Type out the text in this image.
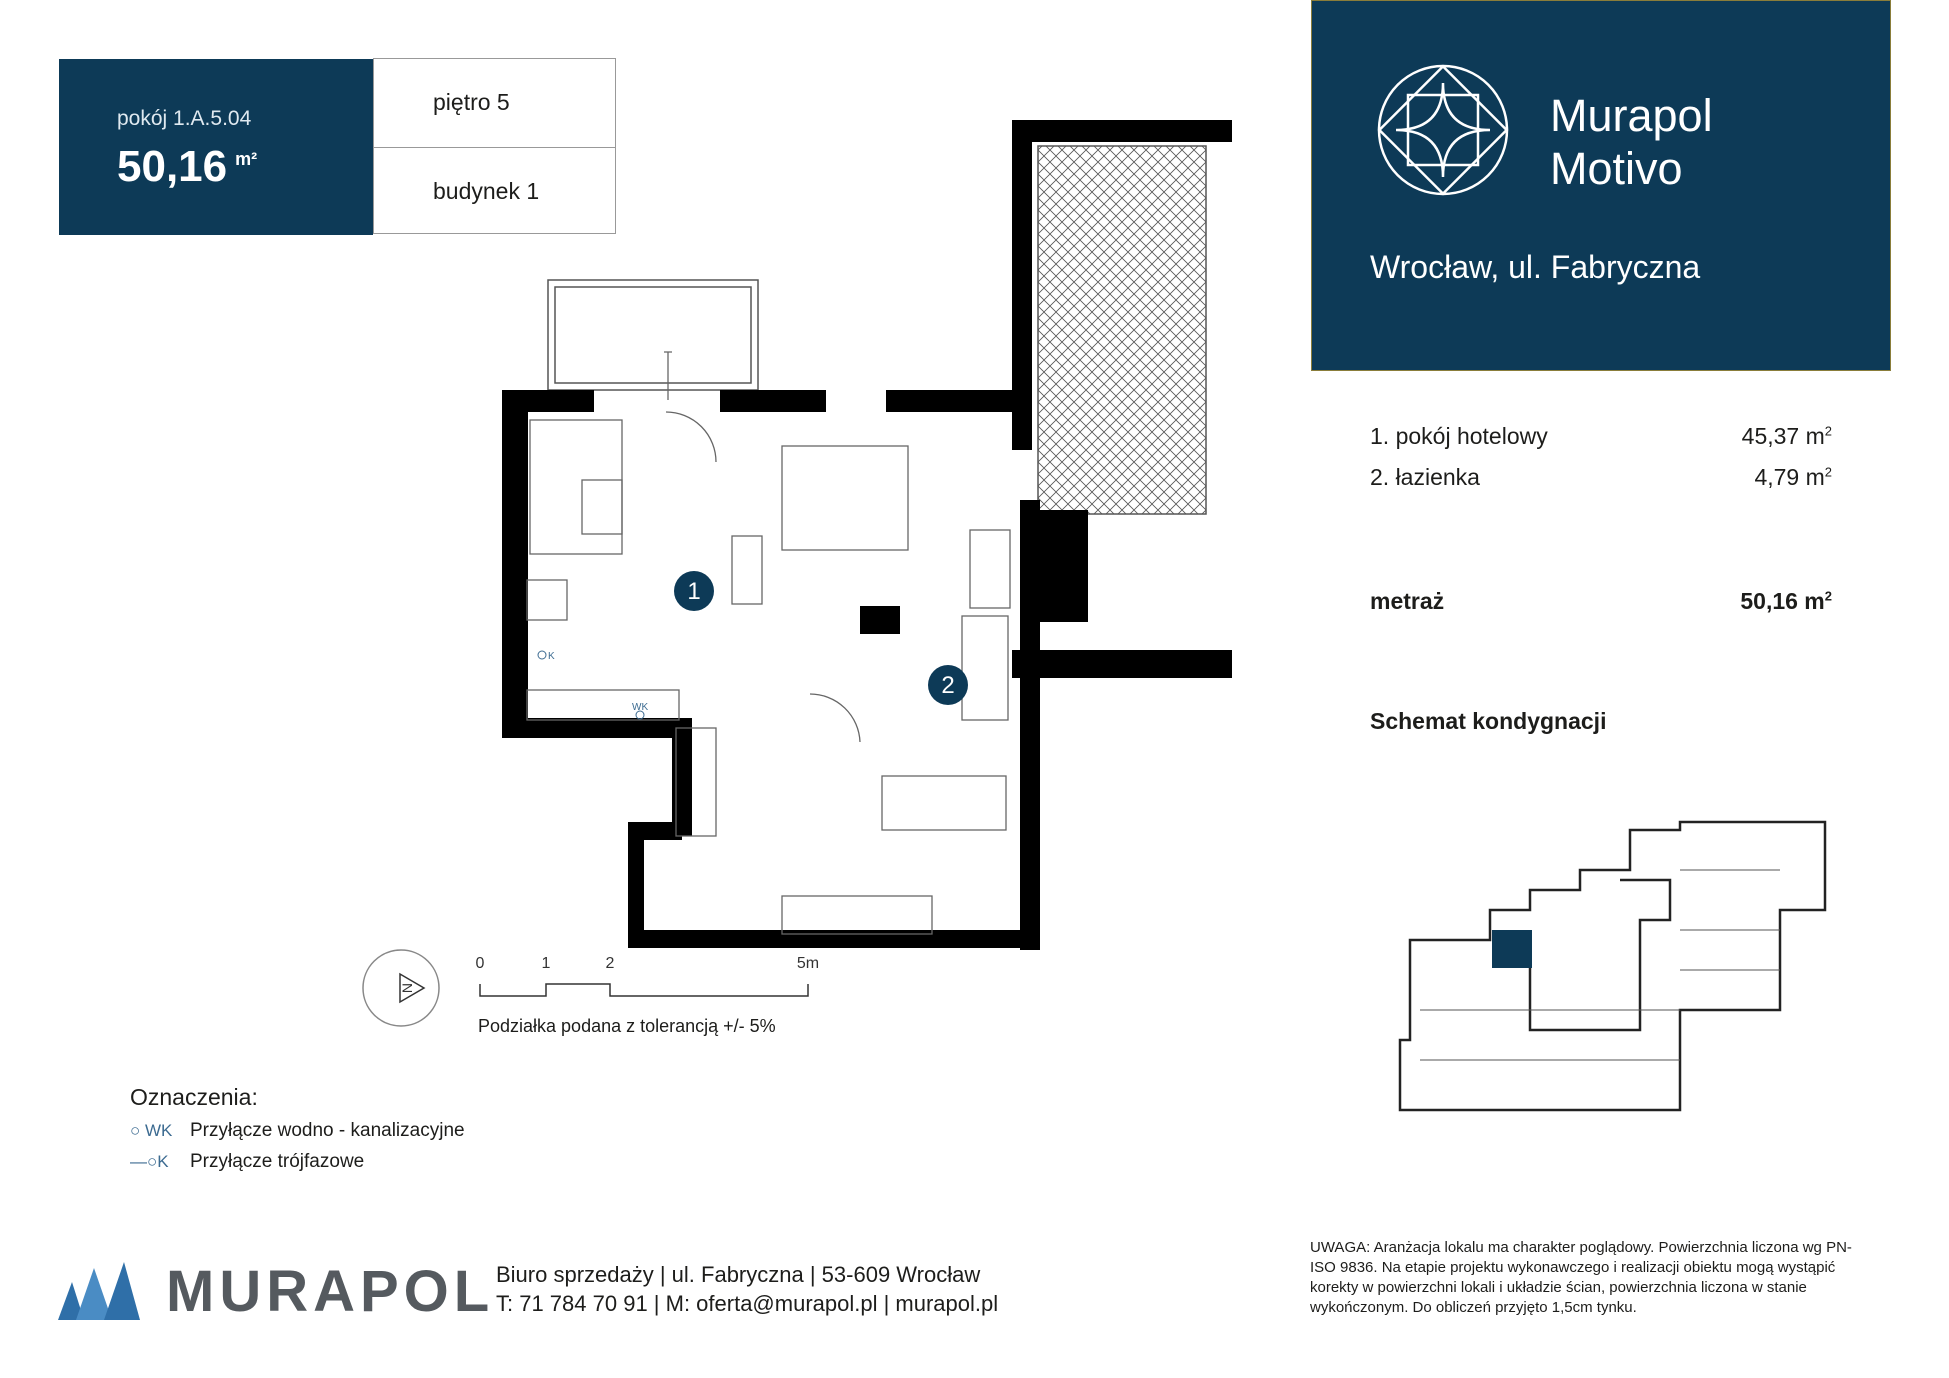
pokój 1.A.5.04
50,16 $^{m^2}$
piętro 5
budynek 1
Murapol
Motivo
Wrocław, ul. Fabryczna
1. pokój hotelowy	45,37 $m^2$
2. łazienka	4,79 $m^2$
metraż	50,16 $m^2$
Schemat kondygnacji
1
2
K
WK
N
0	1	2	5m
Podziałka podana z tolerancją +/- 5%
Oznaczenia:
○ WK Przyłącze wodno - kanalizacyjne
—○K	Przyłącze trójfazowe
MURAPOL Biuro sprzedaży | ul. Fabryczna | 53-609 Wrocław
T: 71 784 70 91 | M: oferta@murapol.pl | murapol.pl
UWAGA: Aranżacja lokalu ma charakter poglądowy. Powierzchnia liczona wg PN-ISO 9836. Na etapie projektu wykonawczego i realizacji obiektu mogą wystąpić korekty w powierzchni lokali i układzie ścian, powierzchnia liczona w stanie wykończonym. Do obliczeń przyjęto 1,5cm tynku.
